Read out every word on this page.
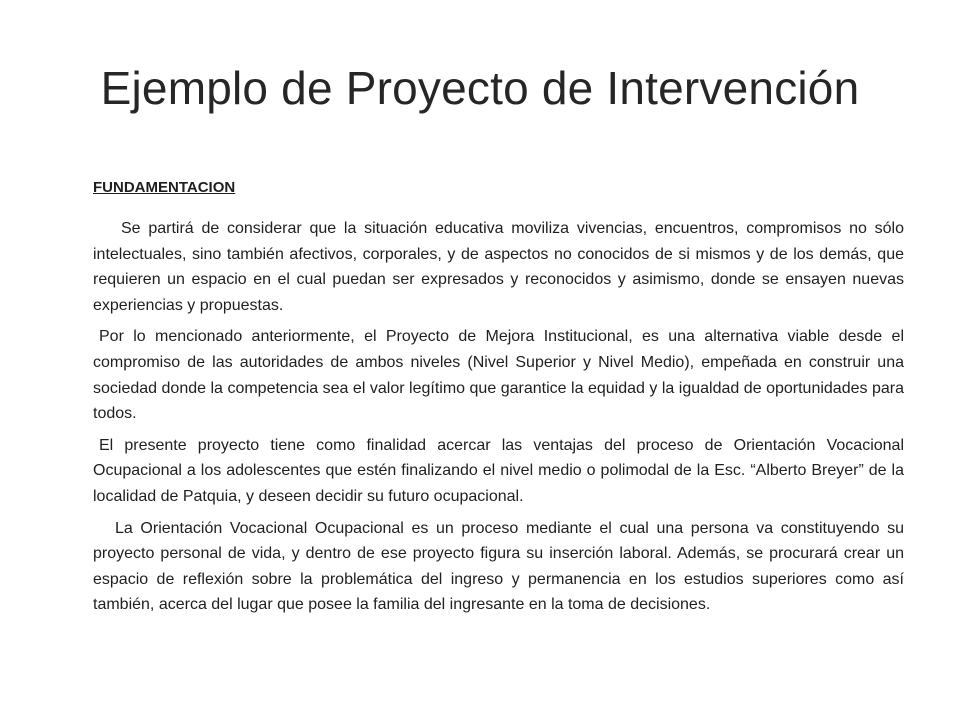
Ejemplo de Proyecto de Intervención

FUNDAMENTACION

Se partirá de considerar que la situación educativa moviliza vivencias, encuentros, compromisos no sólo intelectuales, sino también afectivos, corporales, y de aspectos no conocidos de si mismos y de los demás, que requieren un espacio en el cual puedan ser expresados y reconocidos y asimismo, donde se ensayen nuevas experiencias y propuestas.

Por lo mencionado anteriormente, el Proyecto de Mejora Institucional, es una alternativa viable desde el compromiso de las autoridades de ambos niveles (Nivel Superior y Nivel Medio), empeñada en construir una sociedad donde la competencia sea el valor legítimo que garantice la equidad y la igualdad de oportunidades para todos.

El presente proyecto tiene como finalidad acercar las ventajas del proceso de Orientación Vocacional Ocupacional a los adolescentes que estén finalizando el nivel medio o polimodal de la Esc. “Alberto Breyer” de la localidad de Patquia, y deseen decidir su futuro ocupacional.

La Orientación Vocacional Ocupacional es un proceso mediante el cual una persona va constituyendo su proyecto personal de vida, y dentro de ese proyecto figura su inserción laboral. Además, se procurará crear un espacio de reflexión sobre la problemática del ingreso y permanencia en los estudios superiores como así también, acerca del lugar que posee la familia del ingresante en la toma de decisiones.
